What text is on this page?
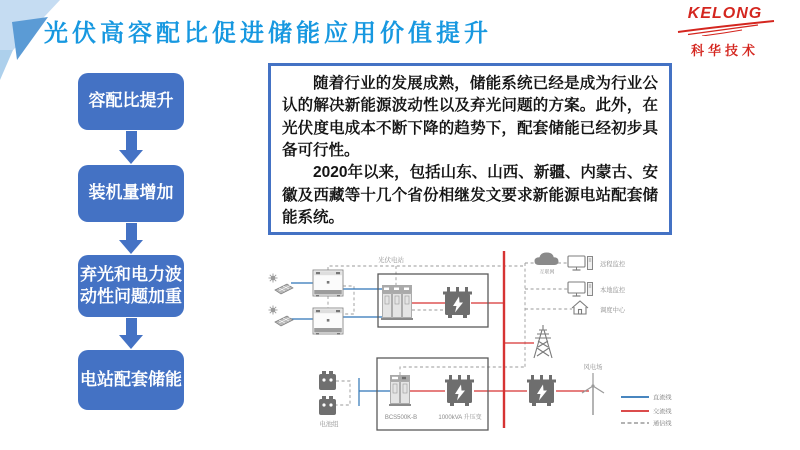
光伏高容配比促进储能应用价值提升
KELONG
科华技术
容配比提升
装机量增加
弃光和电力波动性问题加重
电站配套储能

随着行业的发展成熟，储能系统已经是成为行业公认的解决新能源波动性以及弃光问题的方案。此外，在光伏度电成本不断下降的趋势下，配套储能已经初步具备可行性。

2020年以来，包括山东、山西、新疆、内蒙古、安徽及西藏等十几个省份相继发文要求新能源电站配套储能系统。

光伏电站
电池组
BCS500K-B	1000kVA 升压变
互联网
远程监控
本地监控
调度中心
风电场
直流线
交流线
通信线
